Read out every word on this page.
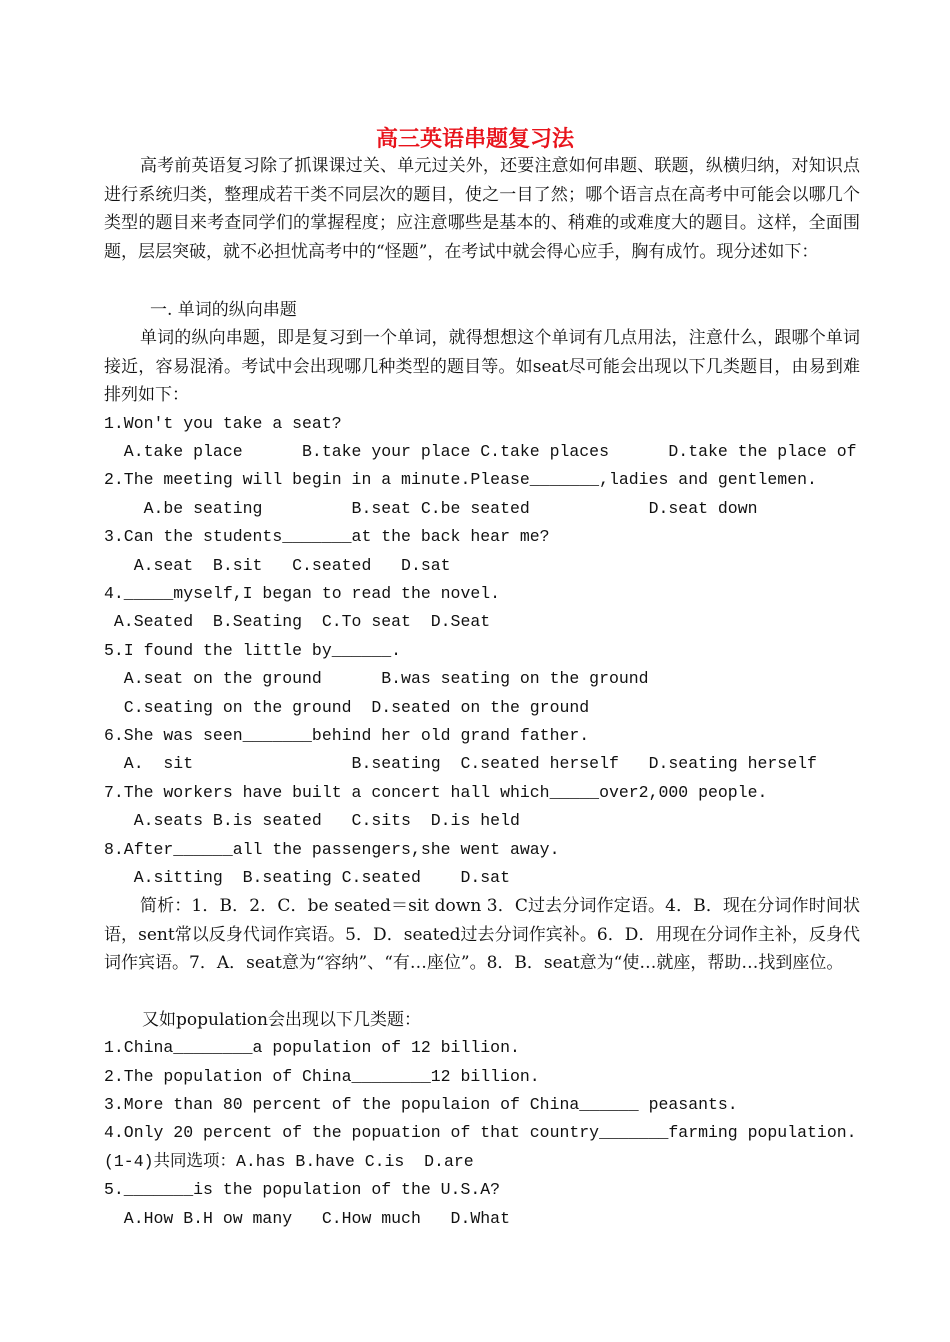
高三英语串题复习法

高考前英语复习除了抓课课过关、单元过关外，还要注意如何串题、联题，纵横归纳，对知识点进行系统归类，整理成若干类不同层次的题目，使之一目了然；哪个语言点在高考中可能会以哪几个类型的题目来考查同学们的掌握程度；应注意哪些是基本的、稍难的或难度大的题目。这样，全面围题，层层突破，就不必担忧高考中的“怪题”，在考试中就会得心应手，胸有成竹。现分述如下：

一. 单词的纵向串题

单词的纵向串题，即是复习到一个单词，就得想想这个单词有几点用法，注意什么，跟哪个单词接近，容易混淆。考试中会出现哪几种类型的题目等。如seat尽可能会出现以下几类题目，由易到难排列如下：

1.Won't you take a seat?
A.take place      B.take your place C.take places      D.take the place of
2.The meeting will begin in a minute.Please_______,ladies and gentlemen.
A.be seating         B.seat C.be seated            D.seat down
3.Can the students_______at the back hear me?
A.seat  B.sit   C.seated   D.sat
4._____myself,I began to read the novel.
A.Seated  B.Seating  C.To seat  D.Seat
5.I found the little by______.
A.seat on the ground      B.was seating on the ground
C.seating on the ground  D.seated on the ground
6.She was seen_______behind her old grand father.
A.  sit                B.seating  C.seated herself   D.seating herself
7.The workers have built a concert hall which_____over2,000 people.
A.seats B.is seated   C.sits  D.is held
8.After______all the passengers,she went away.
A.sitting  B.seating C.seated    D.sat

简析：1．B．2．C．be seated＝sit down 3．C过去分词作定语。4．B．现在分词作时间状语，sent常以反身代词作宾语。5．D．seated过去分词作宾补。6．D．用现在分词作主补，反身代词作宾语。7．A．seat意为“容纳”、“有…座位”。8．B．seat意为“使…就座，帮助…找到座位。

又如population会出现以下几类题：
1.China________a population of 12 billion.
2.The population of China________12 billion.
3.More than 80 percent of the populaion of China______ peasants.
4.Only 20 percent of the popuation of that country_______farming population.
(1-4)共同选项：A.has B.have C.is  D.are
5._______is the population of the U.S.A?
A.How B.H ow many   C.How much   D.What
